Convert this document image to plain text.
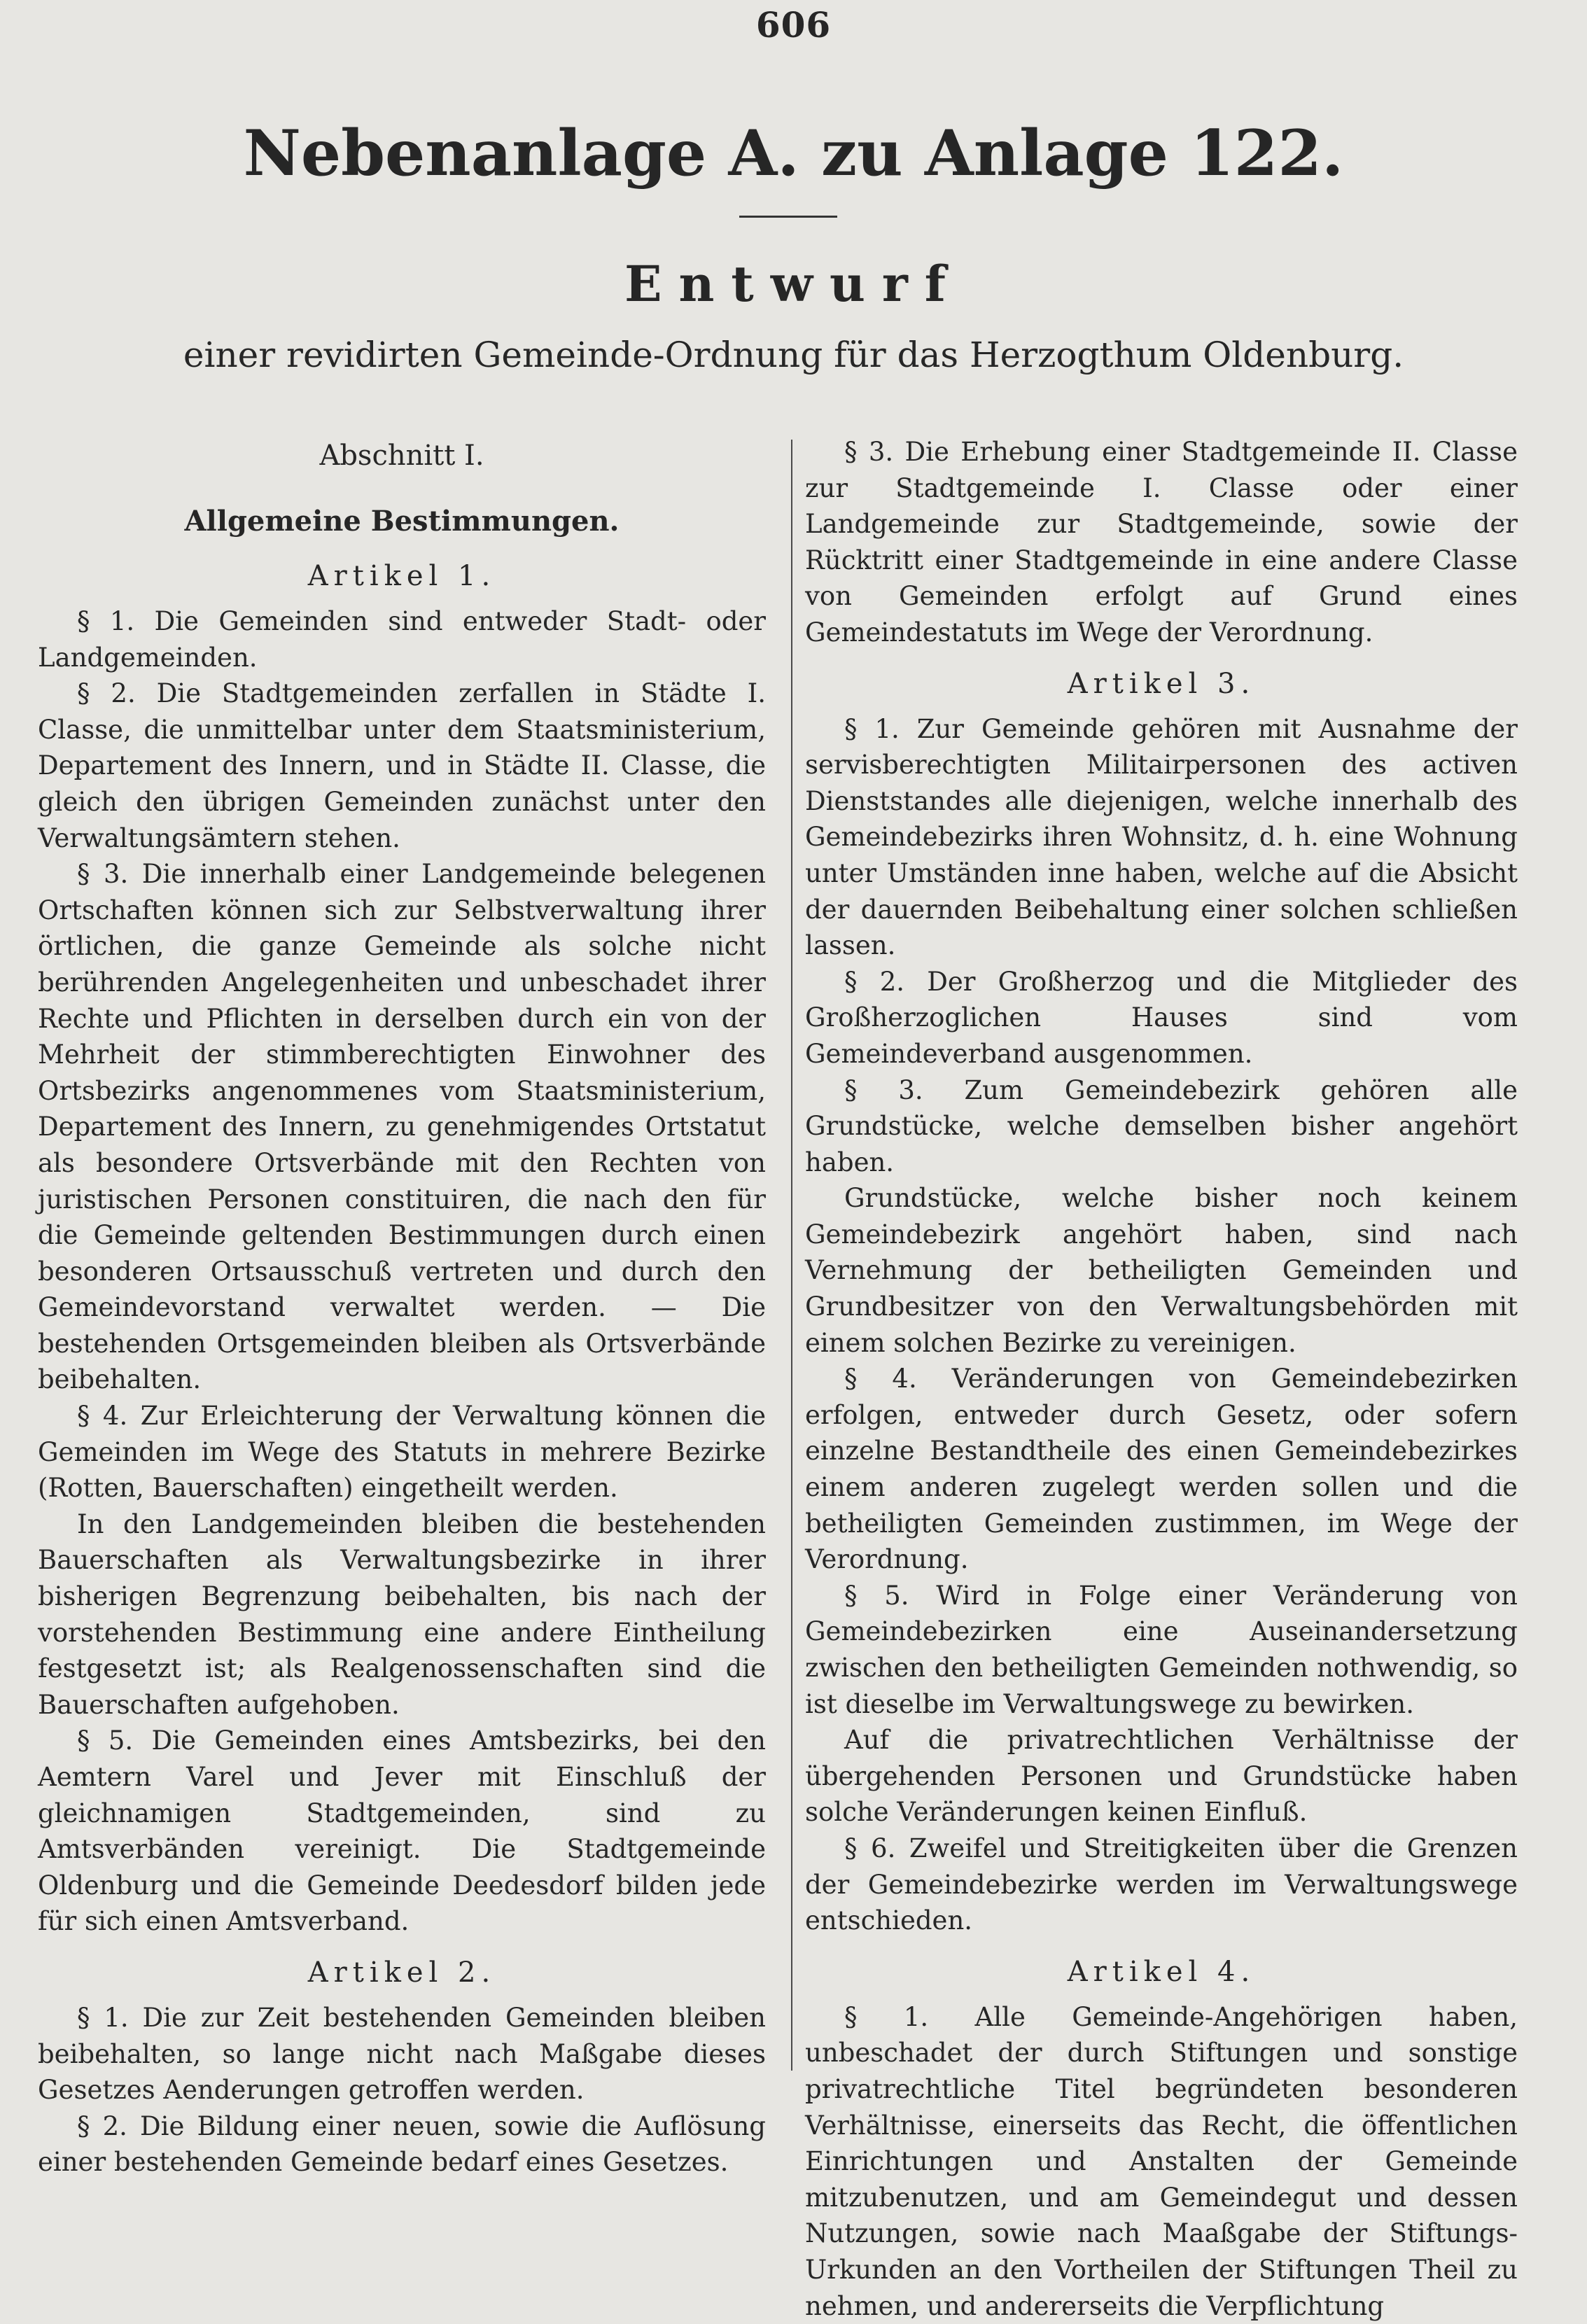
606
Nebenanlage A. zu Anlage 122.
Entwurf
einer revidirten Gemeinde-Ordnung für das Herzogthum Oldenburg.

Abschnitt I.

Allgemeine Bestimmungen.

Artikel 1.

§ 1. Die Gemeinden sind entweder Stadt- oder Landgemeinden.

§ 2. Die Stadtgemeinden zerfallen in Städte I. Classe, die unmittelbar unter dem Staatsministerium, Departement des Innern, und in Städte II. Classe, die gleich den übrigen Gemeinden zunächst unter den Verwaltungsämtern stehen.

§ 3. Die innerhalb einer Landgemeinde belegenen Ortschaften können sich zur Selbstverwaltung ihrer örtlichen, die ganze Gemeinde als solche nicht berührenden Angelegenheiten und unbeschadet ihrer Rechte und Pflichten in derselben durch ein von der Mehrheit der stimmberechtigten Einwohner des Ortsbezirks angenommenes vom Staatsministerium, Departement des Innern, zu genehmigendes Ortstatut als besondere Ortsverbände mit den Rechten von juristischen Personen constituiren, die nach den für die Gemeinde geltenden Bestimmungen durch einen besonderen Ortsausschuß vertreten und durch den Gemeindevorstand verwaltet werden. — Die bestehenden Ortsgemeinden bleiben als Ortsverbände beibehalten.

§ 4. Zur Erleichterung der Verwaltung können die Gemeinden im Wege des Statuts in mehrere Bezirke (Rotten, Bauerschaften) eingetheilt werden.

In den Landgemeinden bleiben die bestehenden Bauerschaften als Verwaltungsbezirke in ihrer bisherigen Begrenzung beibehalten, bis nach der vorstehenden Bestimmung eine andere Eintheilung festgesetzt ist; als Realgenossenschaften sind die Bauerschaften aufgehoben.

§ 5. Die Gemeinden eines Amtsbezirks, bei den Aemtern Varel und Jever mit Einschluß der gleichnamigen Stadtgemeinden, sind zu Amtsverbänden vereinigt. Die Stadtgemeinde Oldenburg und die Gemeinde Deedesdorf bilden jede für sich einen Amtsverband.

Artikel 2.

§ 1. Die zur Zeit bestehenden Gemeinden bleiben beibehalten, so lange nicht nach Maßgabe dieses Gesetzes Aenderungen getroffen werden.

§ 2. Die Bildung einer neuen, sowie die Auflösung einer bestehenden Gemeinde bedarf eines Gesetzes.

§ 3. Die Erhebung einer Stadtgemeinde II. Classe zur Stadtgemeinde I. Classe oder einer Landgemeinde zur Stadtgemeinde, sowie der Rücktritt einer Stadtgemeinde in eine andere Classe von Gemeinden erfolgt auf Grund eines Gemeindestatuts im Wege der Verordnung.

Artikel 3.

§ 1. Zur Gemeinde gehören mit Ausnahme der servisberechtigten Militairpersonen des activen Dienststandes alle diejenigen, welche innerhalb des Gemeindebezirks ihren Wohnsitz, d. h. eine Wohnung unter Umständen inne haben, welche auf die Absicht der dauernden Beibehaltung einer solchen schließen lassen.

§ 2. Der Großherzog und die Mitglieder des Großherzoglichen Hauses sind vom Gemeindeverband ausgenommen.

§ 3. Zum Gemeindebezirk gehören alle Grundstücke, welche demselben bisher angehört haben.

Grundstücke, welche bisher noch keinem Gemeindebezirk angehört haben, sind nach Vernehmung der betheiligten Gemeinden und Grundbesitzer von den Verwaltungsbehörden mit einem solchen Bezirke zu vereinigen.

§ 4. Veränderungen von Gemeindebezirken erfolgen, entweder durch Gesetz, oder sofern einzelne Bestandtheile des einen Gemeindebezirkes einem anderen zugelegt werden sollen und die betheiligten Gemeinden zustimmen, im Wege der Verordnung.

§ 5. Wird in Folge einer Veränderung von Gemeindebezirken eine Auseinandersetzung zwischen den betheiligten Gemeinden nothwendig, so ist dieselbe im Verwaltungswege zu bewirken.

Auf die privatrechtlichen Verhältnisse der übergehenden Personen und Grundstücke haben solche Veränderungen keinen Einfluß.

§ 6. Zweifel und Streitigkeiten über die Grenzen der Gemeindebezirke werden im Verwaltungswege entschieden.

Artikel 4.

§ 1. Alle Gemeinde-Angehörigen haben, unbeschadet der durch Stiftungen und sonstige privatrechtliche Titel begründeten besonderen Verhältnisse, einerseits das Recht, die öffentlichen Einrichtungen und Anstalten der Gemeinde mitzubenutzen, und am Gemeindegut und dessen Nutzungen, sowie nach Maaßgabe der Stiftungs-Urkunden an den Vortheilen der Stiftungen Theil zu nehmen, und andererseits die Verpflichtung
